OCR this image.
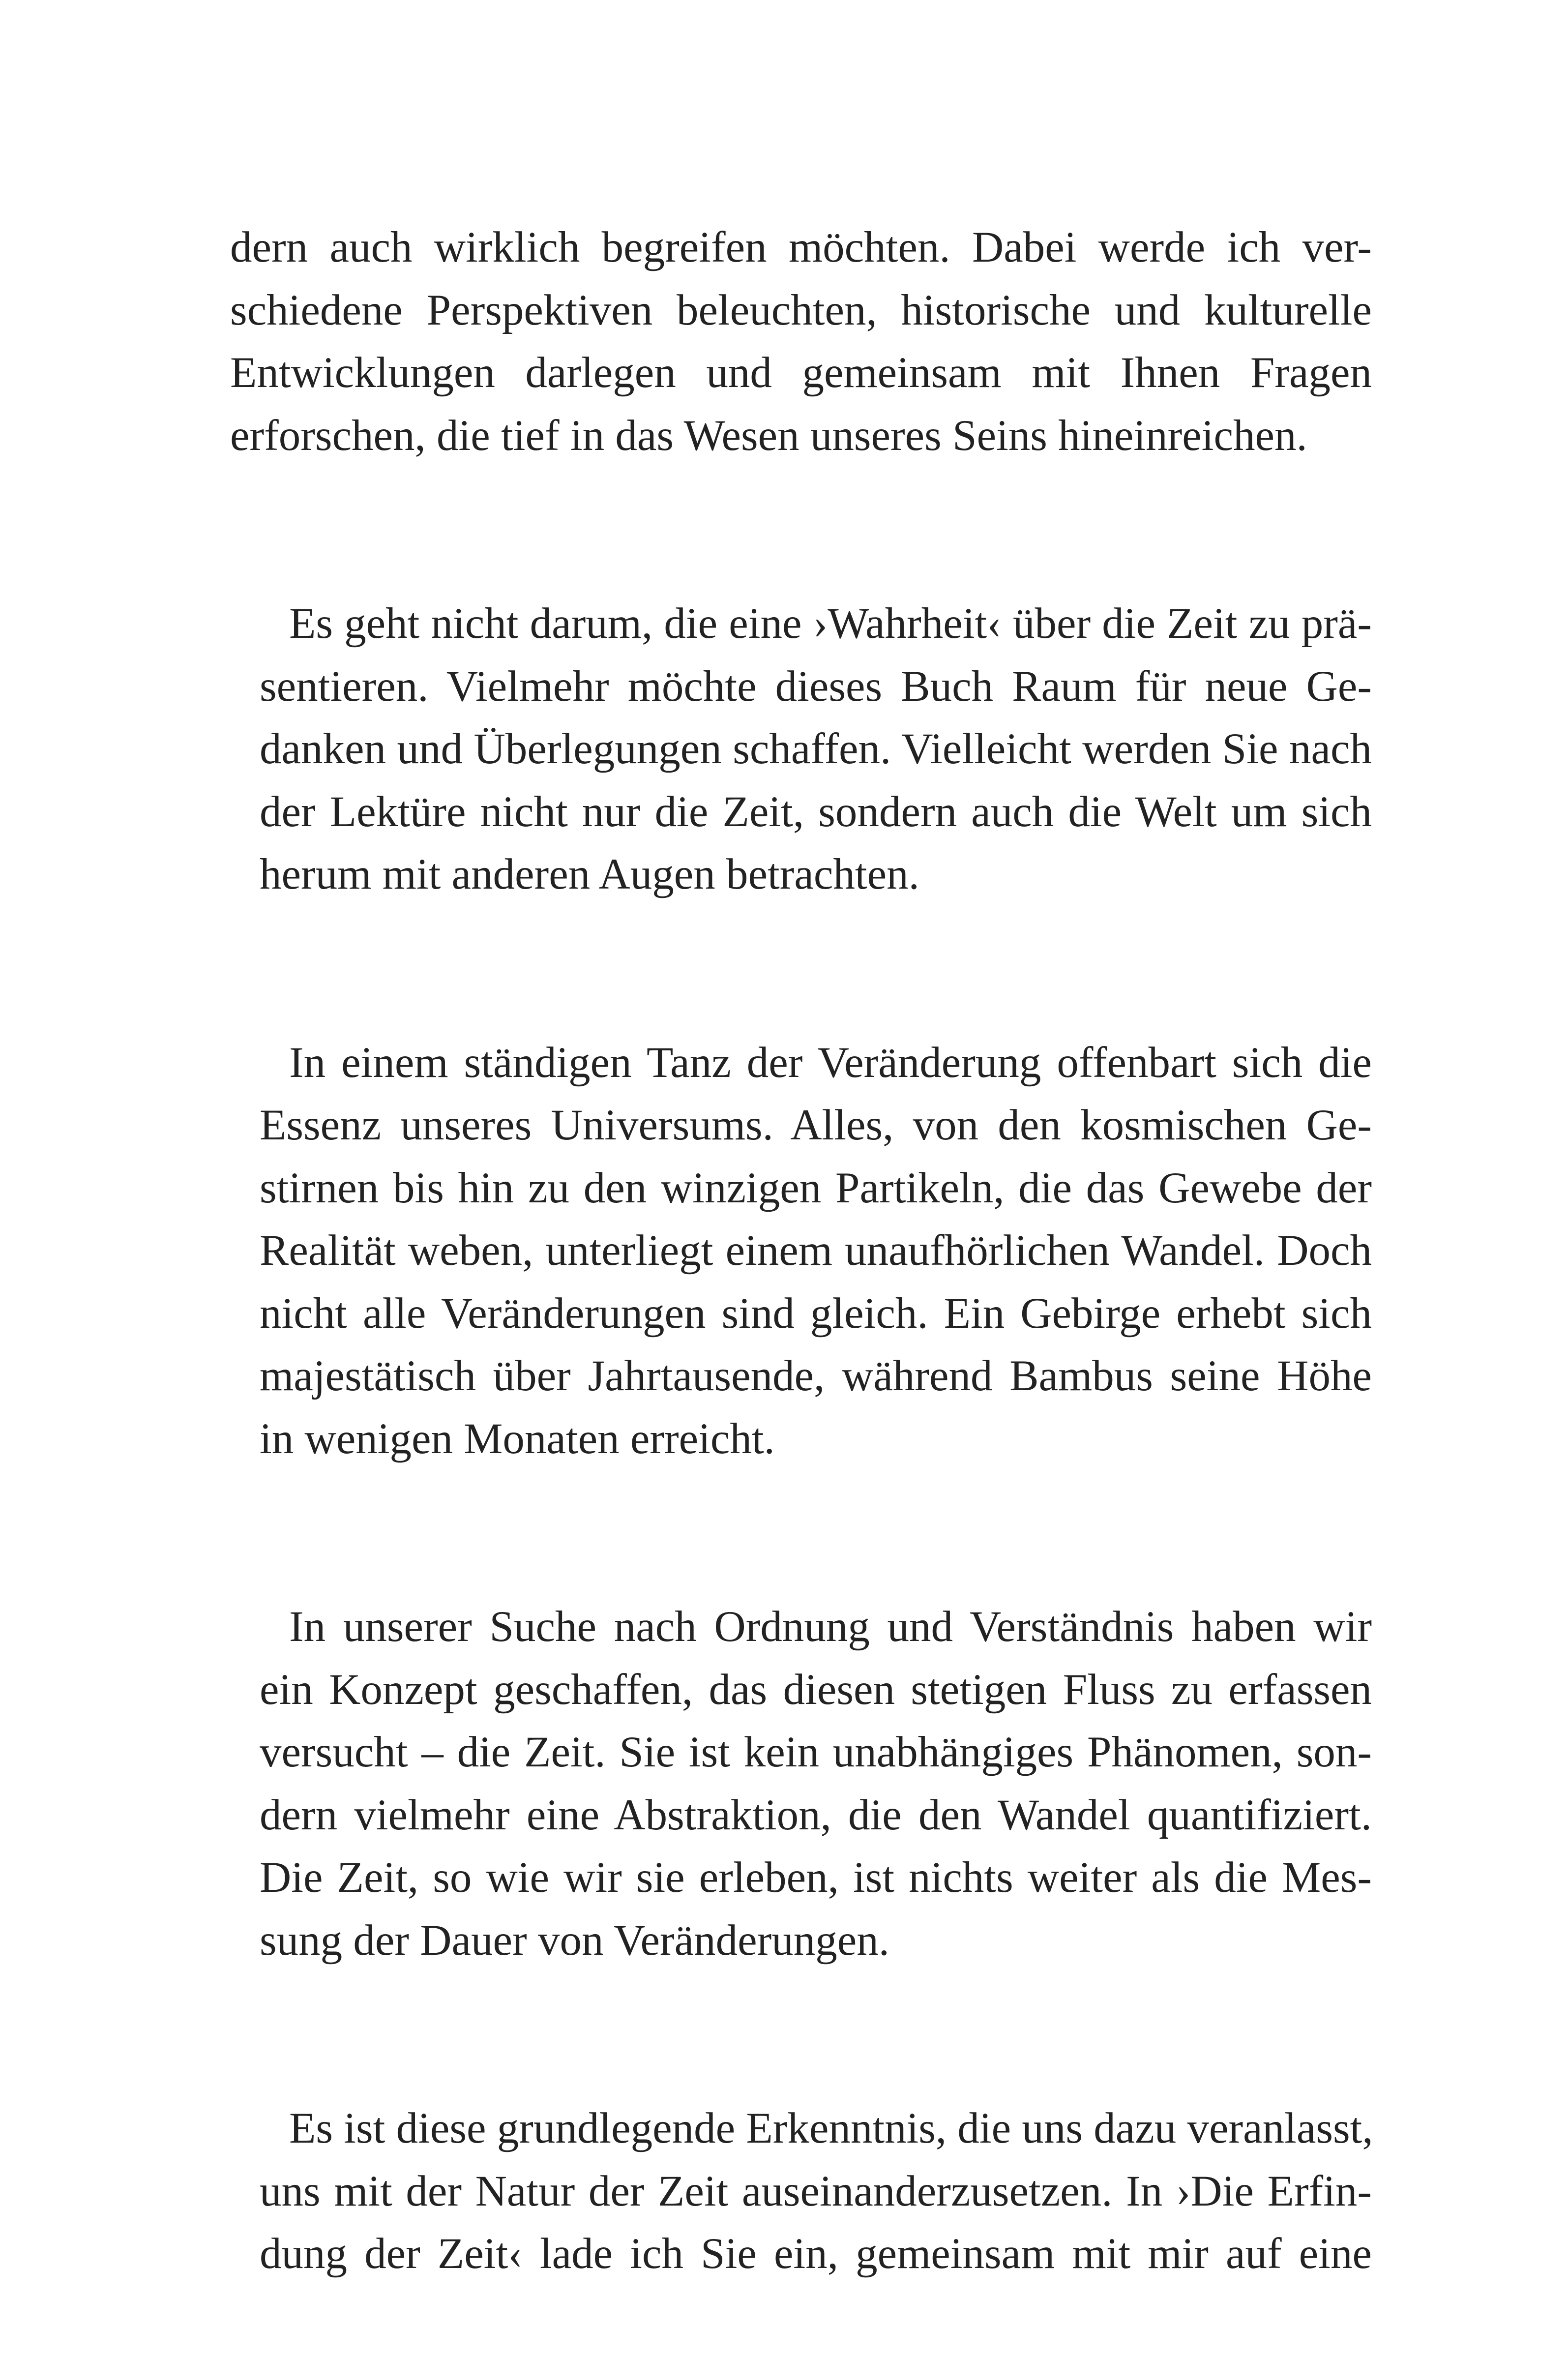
dern auch wirklich begreifen möchten. Dabei werde ich ver-
schiedene Perspektiven beleuchten, historische und kulturelle
Entwicklungen darlegen und gemeinsam mit Ihnen Fragen
erforschen, die tief in das Wesen unseres Seins hineinreichen.
Es geht nicht darum, die eine ›Wahrheit‹ über die Zeit zu prä-
sentieren. Vielmehr möchte dieses Buch Raum für neue Ge-
danken und Überlegungen schaffen. Vielleicht werden Sie nach
der Lektüre nicht nur die Zeit, sondern auch die Welt um sich
herum mit anderen Augen betrachten.
In einem ständigen Tanz der Veränderung offenbart sich die
Essenz unseres Universums. Alles, von den kosmischen Ge-
stirnen bis hin zu den winzigen Partikeln, die das Gewebe der
Realität weben, unterliegt einem unaufhörlichen Wandel. Doch
nicht alle Veränderungen sind gleich. Ein Gebirge erhebt sich
majestätisch über Jahrtausende, während Bambus seine Höhe
in wenigen Monaten erreicht.
In unserer Suche nach Ordnung und Verständnis haben wir
ein Konzept geschaffen, das diesen stetigen Fluss zu erfassen
versucht – die Zeit. Sie ist kein unabhängiges Phänomen, son-
dern vielmehr eine Abstraktion, die den Wandel quantifiziert.
Die Zeit, so wie wir sie erleben, ist nichts weiter als die Mes-
sung der Dauer von Veränderungen.
Es ist diese grundlegende Erkenntnis, die uns dazu veranlasst,
uns mit der Natur der Zeit auseinanderzusetzen. In ›Die Erfin-
dung der Zeit‹ lade ich Sie ein, gemeinsam mit mir auf eine
